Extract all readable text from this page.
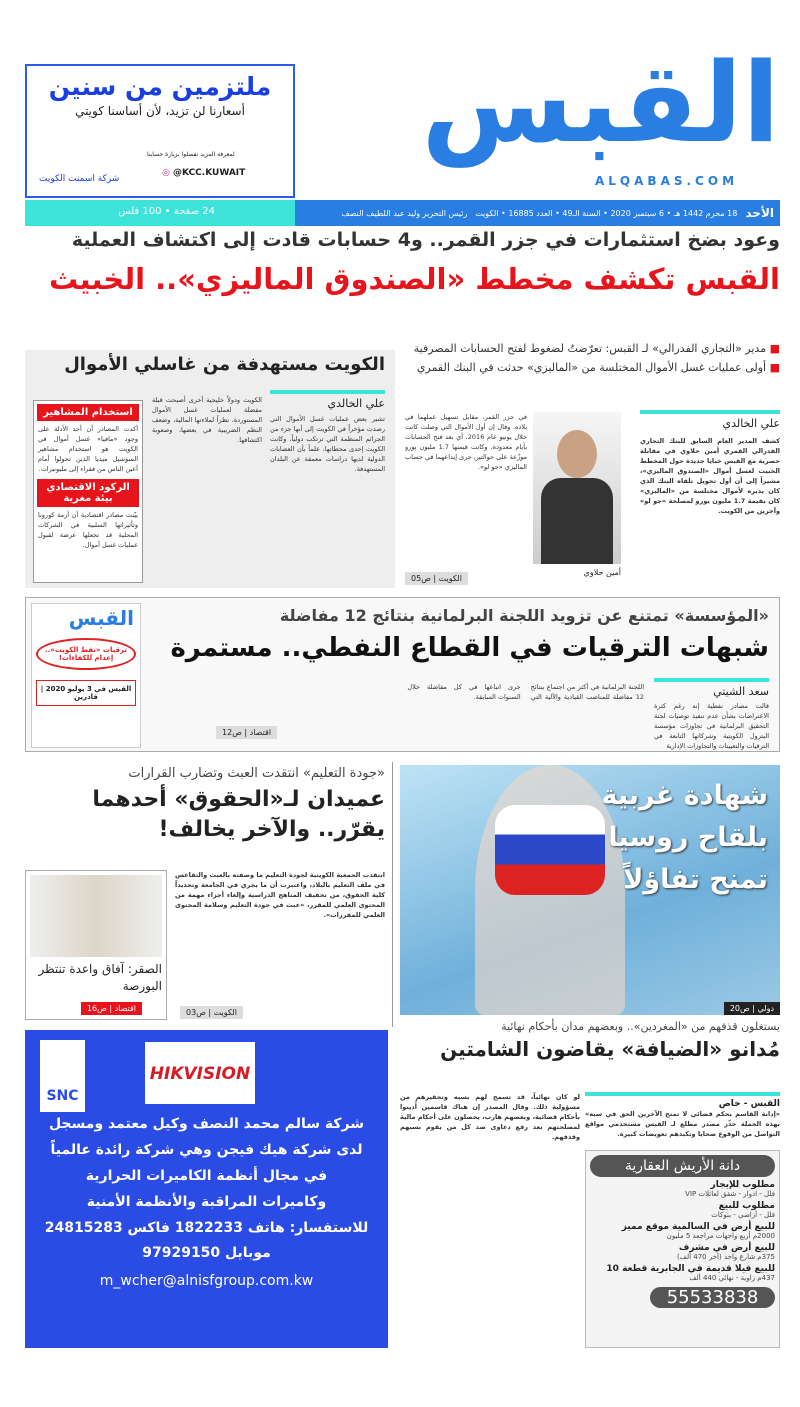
القبس
ALQABAS.COM
ملتزمين من سنين
أسعارنا لن تزيد، لأن أساسنا كويتي
لمعرفة المزيد تفضلوا بزيارة حسابنا
◎ @KCC.KUWAIT
شركة اسمنت الكويت
الأحد
18 محرم 1442 هـ • 6 سبتمبر 2020 • السنة الـ49 • العدد 16885 • الكويت
رئيس التحرير وليد عبد اللطيف النصف
24 صفحة • 100 فلس
وعود بضخ استثمارات في جزر القمر.. و4 حسابات قادت إلى اكتشاف العملية
القبس تكشف مخطط «الصندوق الماليزي».. الخبيث
■ مدير «التجاري الفدرالي» لـ القبس: تعرّضتُ لضغوط لفتح الحسابات المصرفية
■ أولى عمليات غسل الأموال المختلسة من «الماليزي» حدثت في البنك القمري
علي الخالدي
كشف المدير العام السابق للبنك التجاري الفدرالي القمري أمين حلاوي في مقابلة حصرية مع القبس خبايا جديدة حول المخطط الخبيث لغسل أموال «الصندوق الماليزي»، مشيراً إلى أن أول تحويل تلقاه البنك الذي كان يديره لأموال مختلسة من «الماليزي» كان بقيمة 1.7 مليون يورو لمصلحة «جو لو» وآخرين من الكويت.
أمين حلاوي
في جزر القمر، مقابل تسهيل عملهما في بلاده. وقال إن أول الأموال التي وصلت كانت خلال يونيو عام 2016، أي بعد فتح الحسابات بأيام معدودة، وكانت قيمتها 1.7 مليون يورو موزّعة على حوالتين جرى إيداعهما في حساب الماليزي «جو لو».
الكويت | ص05
الكويت مستهدفة من غاسلي الأموال
علي الخالدي
تشير بعض عمليات غسل الأموال التي رصدت مؤخراً في الكويت إلى أنها جزء من الجرائم المنظمة التي ترتكب دولياً، وكانت الكويت إحدى محطاتها، علماً بأن العصابات الدولية لديها دراسات معمقة عن البلدان المستهدفة.
الكويت ودولاً خليجية أخرى أصبحت قبلة مفضلة لعمليات غسل الأموال المستوردة، نظراً لملاءتها المالية، وضعف النظم الضريبية في بعضها، وصعوبة اكتشافها.
استخدام المشاهير
أكدت المصادر أن أحد الأدلة على وجود «مافيا» غسل أموال في الكويت هو استخدام مشاهير السوشيل ميديا الذين تحولوا أمام أعين الناس من فقراء إلى مليونيرات.
الركود الاقتصادي بيئة مغرية
بيّنت مصادر اقتصادية أن أزمة كورونا وتأثيراتها السلبية في الشركات المحلية قد تجعلها عرضة لقبول عمليات غسل أموال.
«المؤسسة» تمتنع عن تزويد اللجنة البرلمانية بنتائج 12 مفاضلة
شبهات الترقيات في القطاع النفطي.. مستمرة
سعد الشيتي
قالت مصادر نفطية إنه رغم كثرة الاعتراضات بشأن عدم تنفيذ توصيات لجنة التحقيق البرلمانية في تجاوزات مؤسسة البترول الكويتية وشركاتها التابعة في الترقيات والتعيينات والتجاوزات الإدارية
اللجنة البرلمانية في أكثر من اجتماع بنتائج 12 مفاضلة للمناصب القيادية والآلية التي جرى اتباعها في كل مفاضلة خلال السنوات السابقة.
اقتصاد | ص12
القبس
ترقيات «نفط الكويت».. إعدام للكفاءات!
القبس في 3 يوليو 2020 | قادرين
«جودة التعليم» انتقدت العبث وتضارب القرارات
عميدان لـ«الحقوق» أحدهما يقرّر.. والآخر يخالف!
انتقدت الجمعية الكويتية لجودة التعليم ما وصفته بالعبث والتقاعس في ملف التعليم بالبلاد، واعتبرت أن ما يجري في الجامعة وتحديداً كلية الحقوق، من تخفيف المناهج الدراسية وإلغاء أجزاء مهمة من المحتوى العلمي للمقرر، «عبث في جودة التعليم وسلامة المحتوى العلمي للمقررات».
الكويت | ص03
الصقر: آفاق واعدة تنتظر البورصة
اقتصاد | ص16
شهادة غربية
بلقاح روسيا
تمنح تفاؤلاً
دولي | ص20
يستغلون قذفهم من «المغردين».. وبعضهم مدان بأحكام نهائية
مُدانو «الضيافة» يقاضون الشامتين
القبس - خاص
«إدانة القاسم بحكم قضائي لا تمنح الآخرين الحق في سبه» بهذه الجملة حذّر مصدر مطلع لـ القبس مستخدمي مواقع التواصل من الوقوع ضحايا وتكبدهم تعويضات كبيرة.
لو كان نهائياً، قد تسمح لهم بسبه وتحقيرهم من مسؤولية ذلك. وقال المصدر إن هناك قاسمين أُدينوا بأحكام قضائية، وبعضهم هارب، يحصلون على أحكام مالية لمصلحتهم بعد رفع دعاوى ضد كل من يقوم بسبهم وقذفهم.
HIKVISION
SNC

شركة سالم محمد النصف وكيل معتمد ومسجل

لدى شركة هيك فيجن وهي شركة رائدة عالمياً

في مجال أنظمة الكاميرات الحرارية

وكاميرات المراقبة والأنظمة الأمنية

للاستفسار: هاتف 1822233 فاكس 24815283

موبايل 97929150

m_wcher@alnisfgroup.com.kw
دانة الأريش العقارية
مطلوب للإيجار
فلل - ادوار - شقق لعائلات VIP
مطلوب للبيع
فلل - أراضي - بنوكات
للبيع أرض في السالمية موقع مميز
2000م أربع واجهات مراجعة 5 مليون
للبيع أرض في مشرف
375م شارع واحد (أخر 470 ألف)
للبيع فيلا قديمة في الجابرية قطعة 10
437م زاوية - نهائي 440 ألف
55533838
